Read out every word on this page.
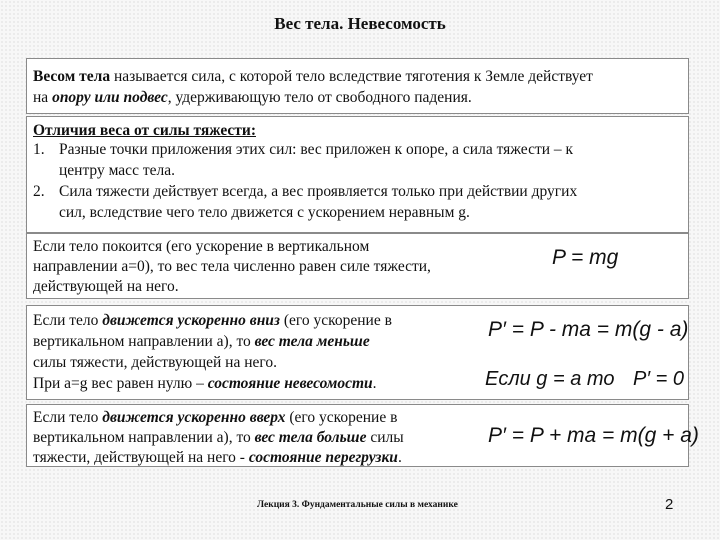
Вес тела. Невесомость
Весом тела называется сила, с которой тело вследствие тяготения к Земле действует
на опору или подвес, удерживающую тело от свободного падения.
Отличия веса от силы тяжести:
1. Разные точки приложения этих сил: вес приложен к опоре, а сила тяжести – к
центру масс тела.
2. Сила тяжести действует всегда, а вес проявляется только при действии других
сил, вследствие чего тело движется с ускорением неравным g.
Если тело покоится (его ускорение в вертикальном
направлении а=0), то вес тела численно равен силе тяжести,
действующей на него.
P = mg
Если тело движется ускоренно вниз (его ускорение в
вертикальном направлении а), то вес тела меньше
силы тяжести, действующей на него.
При a=g вес равен нулю – состояние невесомости.
P′ = P - ma = m(g - a)
Если g = a то P′ = 0
Если тело движется ускоренно вверх (его ускорение в
вертикальном направлении а), то вес тела больше силы
тяжести, действующей на него - состояние перегрузки.
P′ = P + ma = m(g + a)
Лекция 3. Фундаментальные силы в механике	2
